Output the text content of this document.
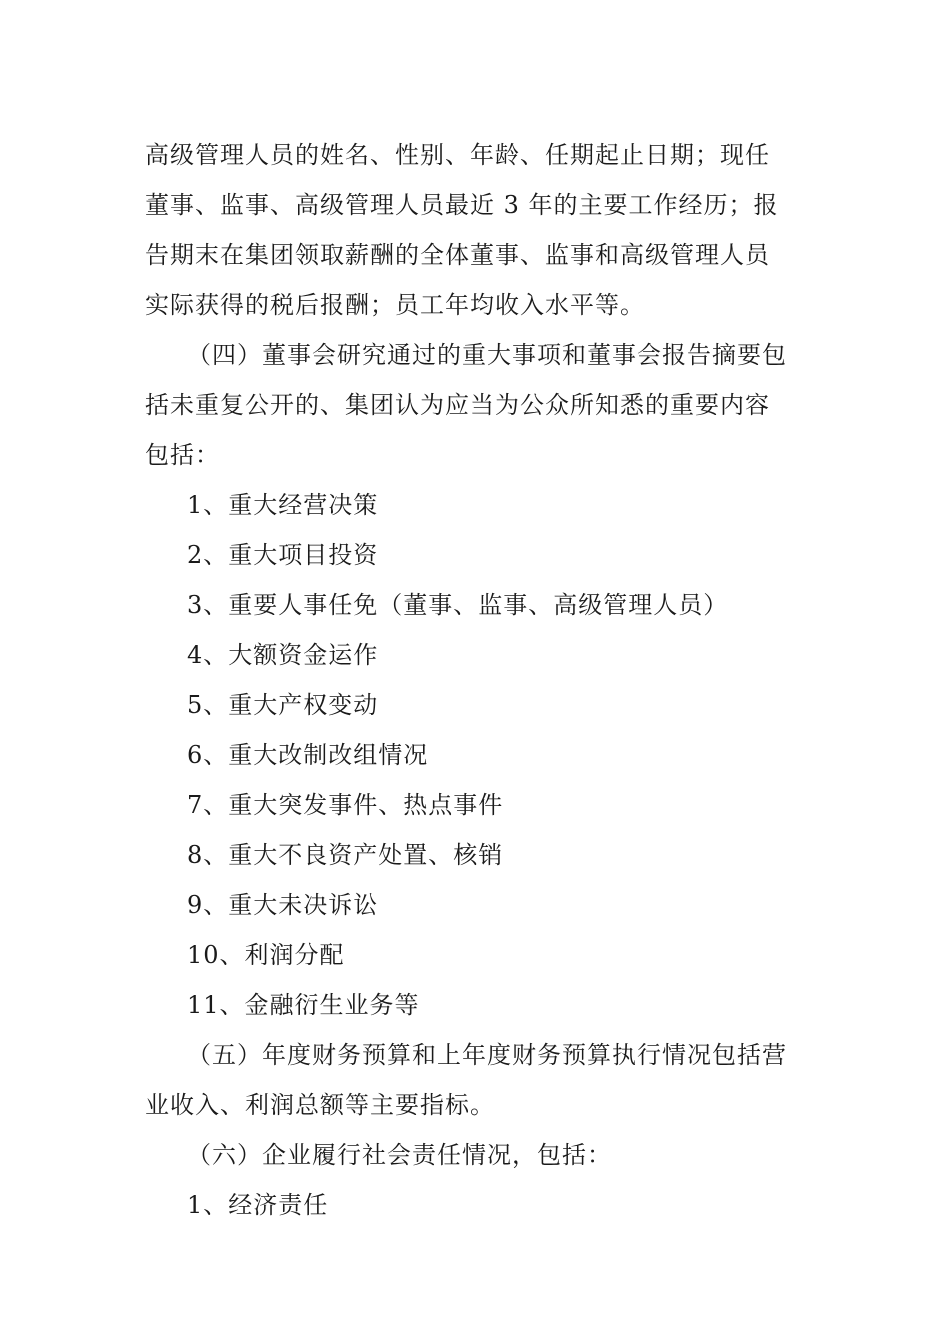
高级管理人员的姓名、性别、年龄、任期起止日期；现任
董事、监事、高级管理人员最近 3 年的主要工作经历；报
告期末在集团领取薪酬的全体董事、监事和高级管理人员
实际获得的税后报酬；员工年均收入水平等。
（四）董事会研究通过的重大事项和董事会报告摘要包
括未重复公开的、集团认为应当为公众所知悉的重要内容
包括：
1、重大经营决策
2、重大项目投资
3、重要人事任免（董事、监事、高级管理人员）
4、大额资金运作
5、重大产权变动
6、重大改制改组情况
7、重大突发事件、热点事件
8、重大不良资产处置、核销
9、重大未决诉讼
10、利润分配
11、金融衍生业务等
（五）年度财务预算和上年度财务预算执行情况包括营
业收入、利润总额等主要指标。
（六）企业履行社会责任情况，包括：
1、经济责任
